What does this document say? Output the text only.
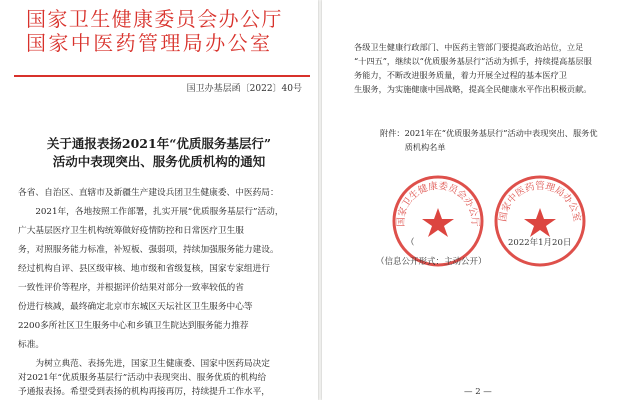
国家卫生健康委员会办公厅
国家中医药管理局办公室
国卫办基层函〔2022〕40号
关于通报表扬2021年“优质服务基层行”
活动中表现突出、服务优质机构的通知
各省、自治区、直辖市及新疆生产建设兵团卫生健康委、中医药局：
　　2021年，各地按照工作部署，扎实开展“优质服务基层行”活动，
广大基层医疗卫生机构统筹做好疫情防控和日常医疗卫生服
务，对照服务能力标准，补短板、强弱项，持续加强服务能力建设。
经过机构自评、县区级审核、地市级和省级复核，国家专家组进行
一致性评价等程序，并根据评价结果对部分一致率较低的省
份进行核减，最终确定北京市东城区天坛社区卫生服务中心等
2200多所社区卫生服务中心和乡镇卫生院达到服务能力推荐
标准。
　　为树立典范、表扬先进，国家卫生健康委、国家中医药局决定
对2021年“优质服务基层行”活动中表现突出、服务优质的机构给
予通报表扬。希望受到表扬的机构再接再厉，持续提升工作水平，
各级卫生健康行政部门、中医药主管部门要提高政治站位，立足
“十四五”，继续以“优质服务基层行”活动为抓手，持续提高基层服
务能力，不断改进服务质量，着力开展全过程的基本医疗卫
生服务，为实施健康中国战略，提高全民健康水平作出积极贡献。
附件：2021年在“优质服务基层行”活动中表现突出、服务优
　　　质机构名单
国家卫生健康委员会办公厅 国家中医药管理局办公室
（	2022年1月20日
（信息公开形式：主动公开）
— 2 —
